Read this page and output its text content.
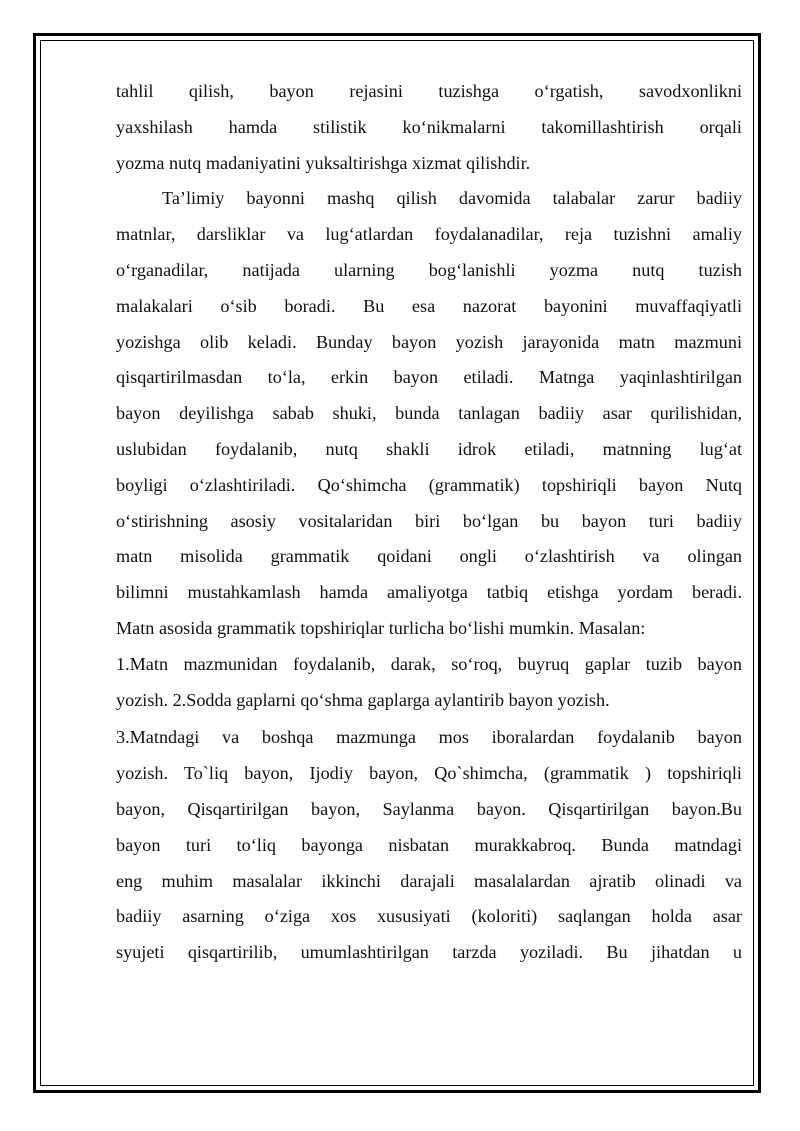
tahlil qilish, bayon rejasini tuzishga o‘rgatish, savodxonlikni

yaxshilash hamda stilistik ko‘nikmalarni takomillashtirish orqali

yozma nutq madaniyatini yuksaltirishga xizmat qilishdir.

Ta’limiy bayonni mashq qilish davomida talabalar zarur badiiy

matnlar, darsliklar va lug‘atlardan foydalanadilar, reja tuzishni amaliy

o‘rganadilar, natijada ularning bog‘lanishli yozma nutq tuzish

malakalari o‘sib boradi. Bu esa nazorat bayonini muvaffaqiyatli

yozishga olib keladi. Bunday bayon yozish jarayonida matn mazmuni

qisqartirilmasdan to‘la, erkin bayon etiladi. Matnga yaqinlashtirilgan

bayon deyilishga sabab shuki, bunda tanlagan badiiy asar qurilishidan,

uslubidan foydalanib, nutq shakli idrok etiladi, matnning lug‘at

boyligi o‘zlashtiriladi. Qo‘shimcha (grammatik) topshiriqli bayon Nutq

o‘stirishning asosiy vositalaridan biri bo‘lgan bu bayon turi badiiy

matn misolida grammatik qoidani ongli o‘zlashtirish va olingan

bilimni mustahkamlash hamda amaliyotga tatbiq etishga yordam beradi.

Matn asosida grammatik topshiriqlar turlicha bo‘lishi mumkin. Masalan:

1.Matn mazmunidan foydalanib, darak, so‘roq, buyruq gaplar tuzib bayon

yozish. 2.Sodda gaplarni qo‘shma gaplarga aylantirib bayon yozish.

3.Matndagi va boshqa mazmunga mos iboralardan foydalanib bayon

yozish. To`liq bayon, Ijodiy bayon, Qo`shimcha, (grammatik ) topshiriqli

bayon, Qisqartirilgan bayon, Saylanma bayon. Qisqartirilgan bayon.Bu

bayon turi to‘liq bayonga nisbatan murakkabroq. Bunda matndagi

eng muhim masalalar ikkinchi darajali masalalardan ajratib olinadi va

badiiy asarning o‘ziga xos xususiyati (koloriti) saqlangan holda asar

syujeti qisqartirilib, umumlashtirilgan tarzda yoziladi. Bu jihatdan u
